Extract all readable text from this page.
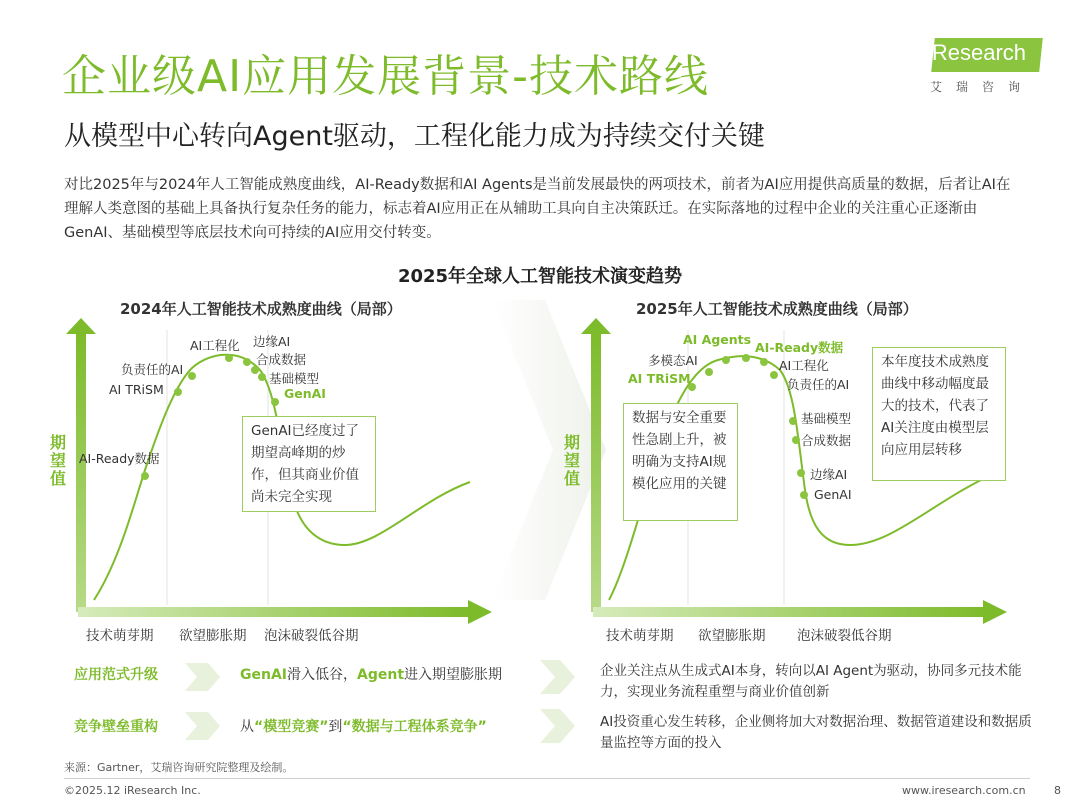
企业级AI应用发展背景-技术路线
从模型中心转向Agent驱动，工程化能力成为持续交付关键
对比2025年与2024年人工智能成熟度曲线，AI-Ready数据和AI Agents是当前发展最快的两项技术，前者为AI应用提供高质量的数据，后者让AI在理解人类意图的基础上具备执行复杂任务的能力，标志着AI应用正在从辅助工具向自主决策跃迁。在实际落地的过程中企业的关注重心正逐渐由GenAI、基础模型等底层技术向可持续的AI应用交付转变。
iResearch
艾瑞咨询
2025年全球人工智能技术演变趋势
期望值
期望值
2024年人工智能技术成熟度曲线（局部）	2025年人工智能技术成熟度曲线（局部）
AI-Ready数据
AI TRiSM
负责任的AI
AI工程化 边缘AI
合成数据
基础模型
GenAI
GenAI已经度过了期望高峰期的炒作，但其商业价值尚未完全实现
AI TRiSM
多模态AI
AI Agents
AI-Ready数据
AI工程化
负责任的AI
基础模型
合成数据
边缘AI
GenAI
数据与安全重要性急剧上升，被明确为支持AI规模化应用的关键
本年度技术成熟度曲线中移动幅度最大的技术，代表了AI关注度由模型层向应用层转移
技术萌芽期 欲望膨胀期 泡沫破裂低谷期	技术萌芽期 欲望膨胀期 泡沫破裂低谷期
应用范式升级	GenAI滑入低谷，Agent进入期望膨胀期	企业关注点从生成式AI本身，转向以AI Agent为驱动，协同多元技术能力，实现业务流程重塑与商业价值创新
竞争壁垒重构	从“模型竞赛”到“数据与工程体系竞争”	AI投资重心发生转移，企业侧将加大对数据治理、数据管道建设和数据质量监控等方面的投入
来源：Gartner，艾瑞咨询研究院整理及绘制。
©2025.12 iResearch Inc.	www.iresearch.com.cn	8
